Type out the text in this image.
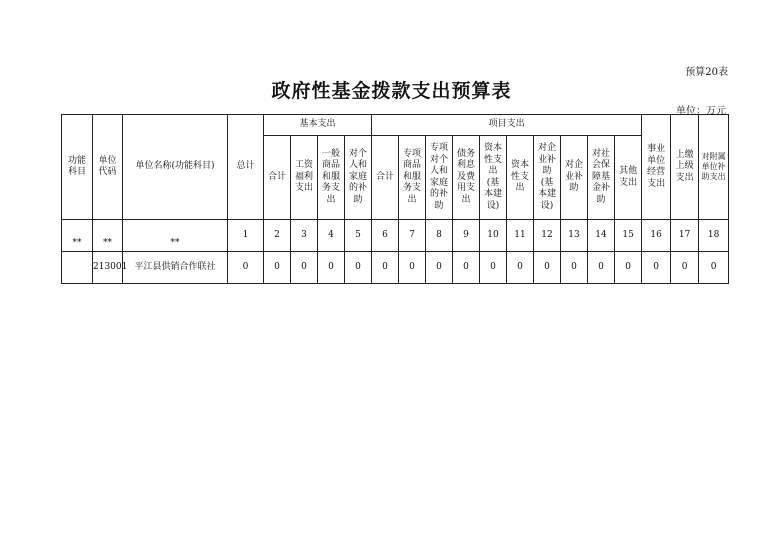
预算20表
政府性基金拨款支出预算表
单位：万元
功能科目	单位代码	单位名称(功能科目)	总计	基本支出				项目支出										事业单位经营支出	上缴上级支出	对附属单位补助支出

				合计	工资福利支出	一般商品和服务支出	对个人和家庭的补助	合计	专项商品和服务支出	专项对个人和家庭的补助	债务利息及费用支出	资本性支出(基本建设)	资本性支出	对企业补助(基本建设)	对企业补助	对社会保障基金补助	其他支出			

**	**	**	1	2	3	4	5	6	7	8	9	10	11	12	13	14	15	16	17	18
	213001	平江县供销合作联社	0	0	0	0	0	0	0	0	0	0	0	0	0	0	0	0	0	0
